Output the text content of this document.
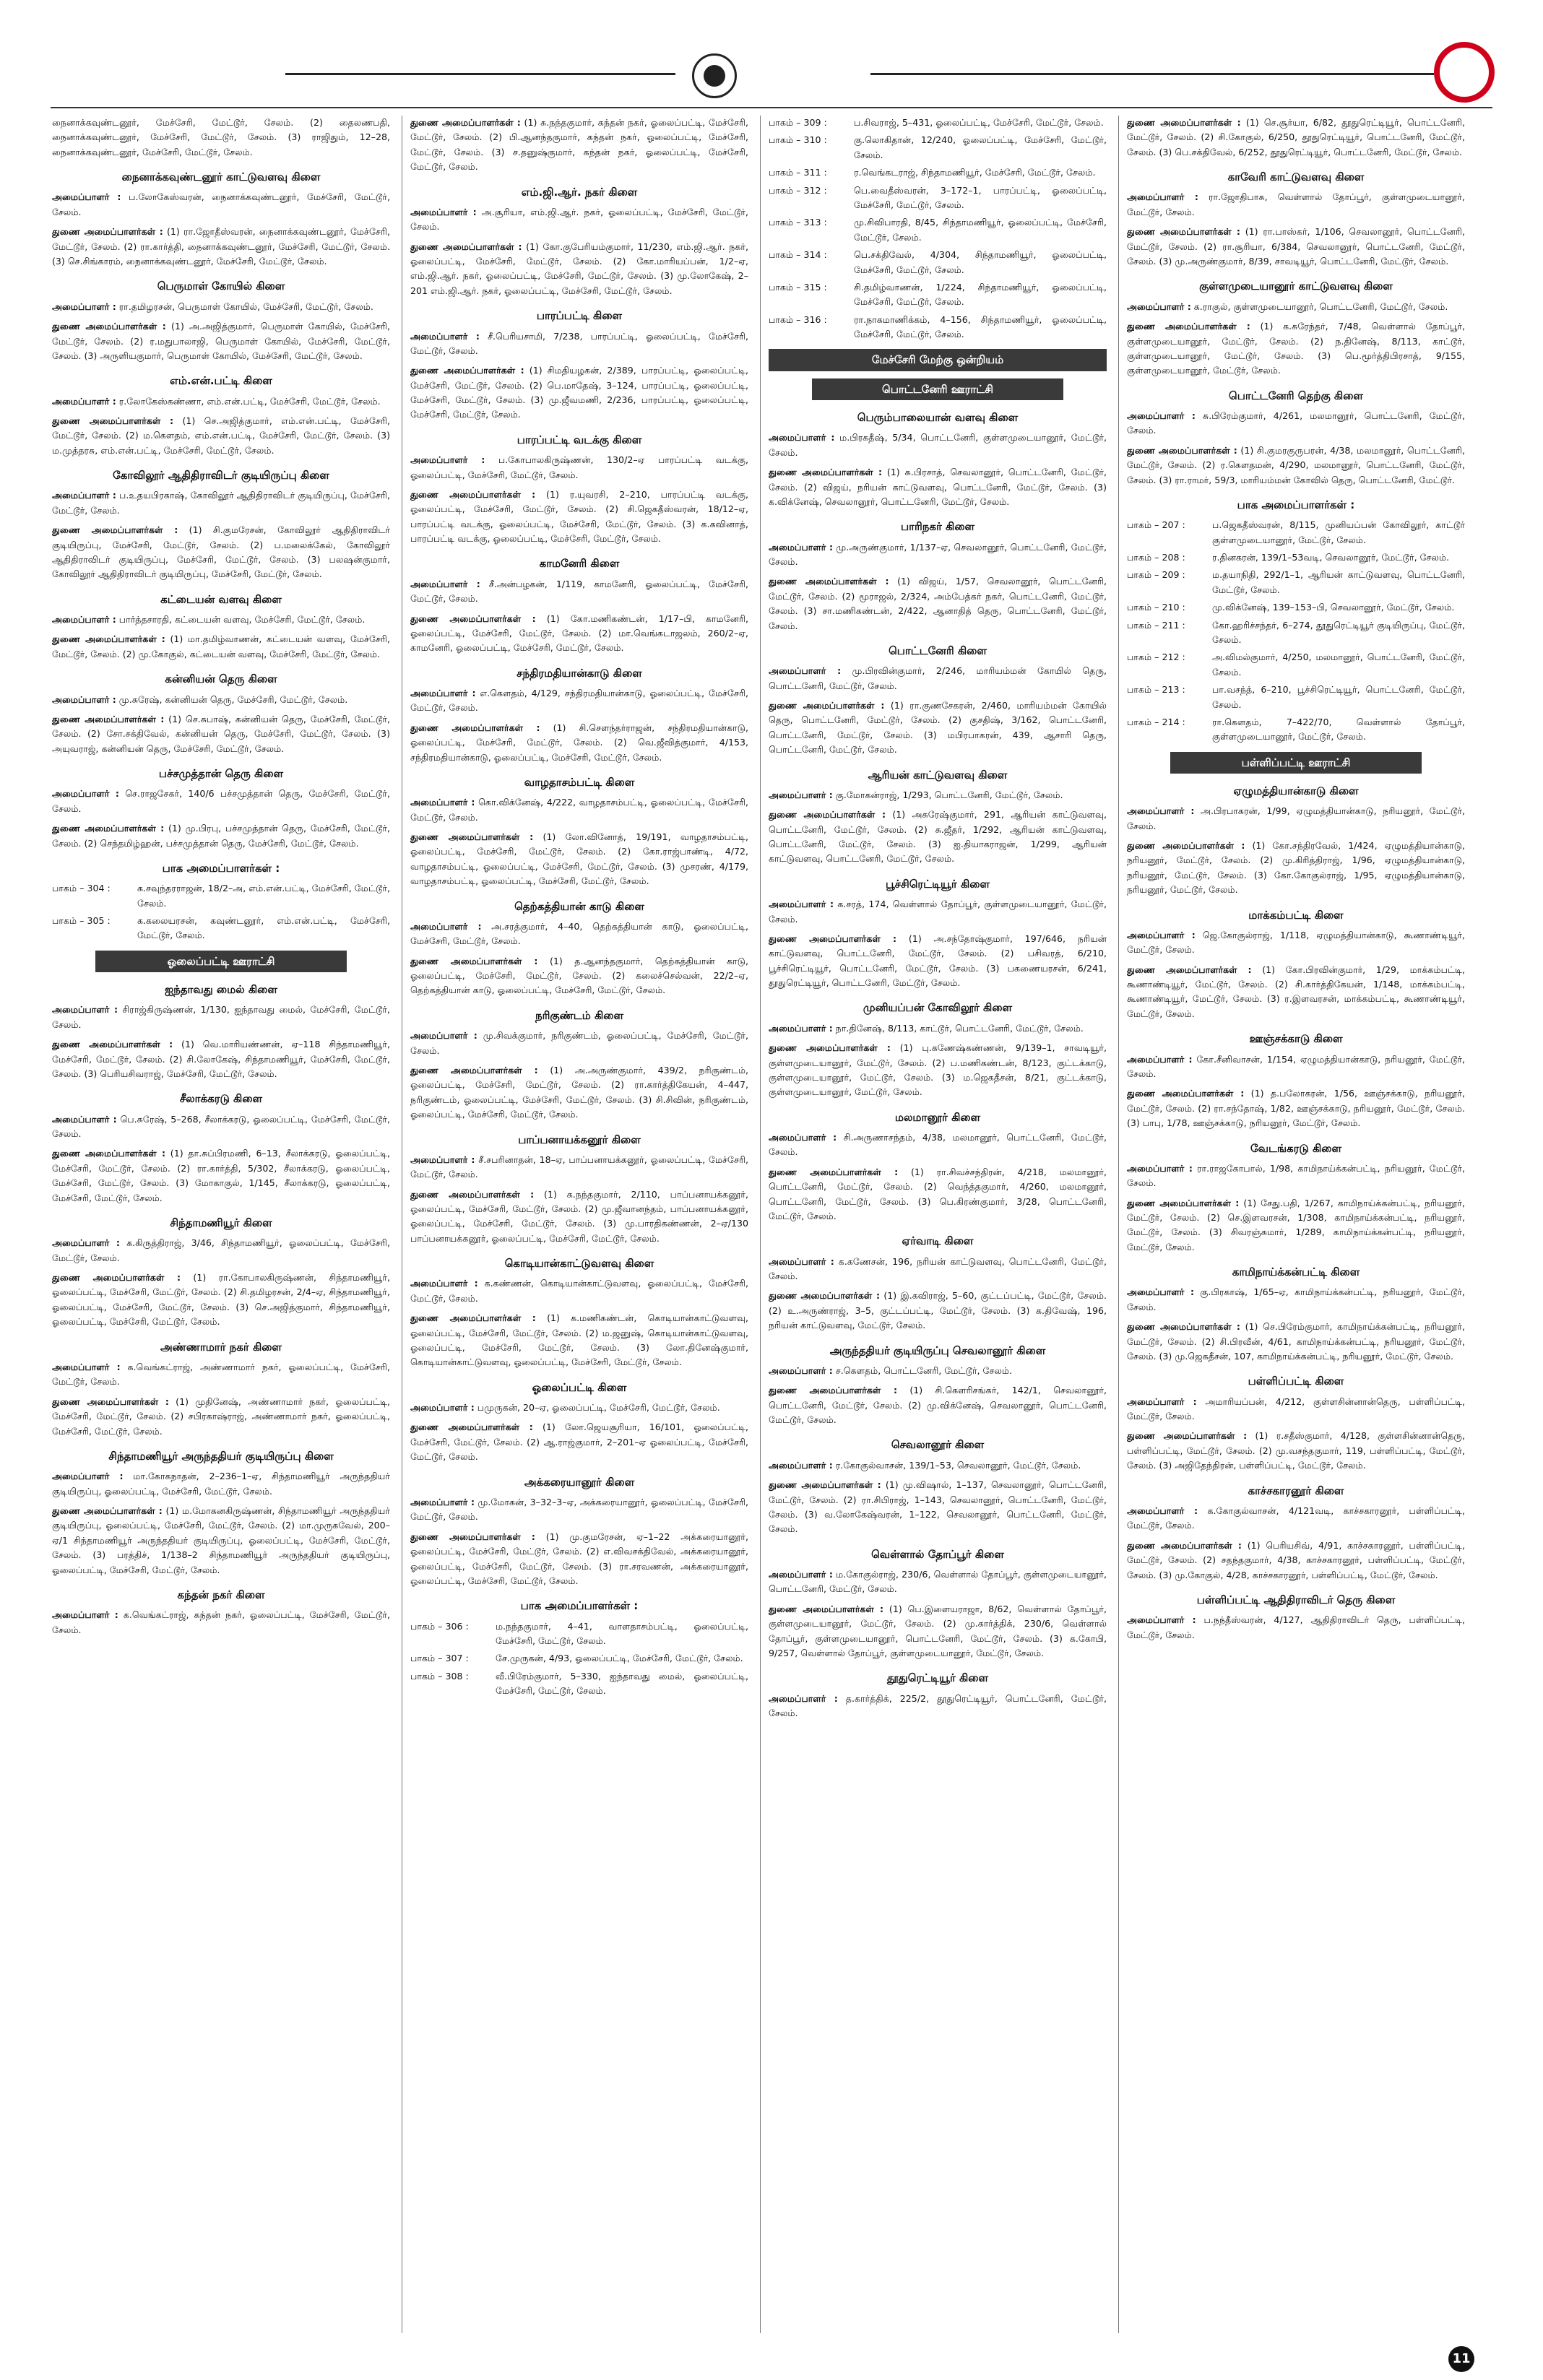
நைனாக்கவுண்டனூர், மேச்சேரி, மேட்டூர், சேலம். (2) தைலணபதி, நைனாக்கவுண்டனூர், மேச்சேரி, மேட்டூர், சேலம். (3) ராஜிதும், 12–28, நைனாக்கவுண்டனூர், மேச்சேரி, மேட்டூர், சேலம்.

நைனாக்கவுண்டனூர் காட்டுவளவு கிளை

அமைப்பாளர் : ப.லோகேஸ்வரன், நைனாக்கவுண்டனூர், மேச்சேரி, மேட்டூர், சேலம்.

துணை அமைப்பாளர்கள் : (1) ரா.ஜோதீஸ்வரன், நைனாக்கவுண்டனூர், மேச்சேரி, மேட்டூர், சேலம். (2) ரா.கார்த்தி, நைனாக்கவுண்டனூர், மேச்சேரி, மேட்டூர், சேலம். (3) செ.சிங்காரம், நைனாக்கவுண்டனூர், மேச்சேரி, மேட்டூர், சேலம்.

பெருமாள் கோயில் கிளை

அமைப்பாளர் : ரா.தமிழரசன், பெருமாள் கோயில், மேச்சேரி, மேட்டூர், சேலம்.

துணை அமைப்பாளர்கள் : (1) அ.அஜித்குமார், பெருமாள் கோயில், மேச்சேரி, மேட்டூர், சேலம். (2) ர.மதுபாலாஜி, பெருமாள் கோயில், மேச்சேரி, மேட்டூர், சேலம். (3) அருளியகுமார், பெருமாள் கோயில், மேச்சேரி, மேட்டூர், சேலம்.

எம்.என்.பட்டி கிளை

அமைப்பாளர் : ர.லோகேஸ்கண்ணா, எம்.என்.பட்டி, மேச்சேரி, மேட்டூர், சேலம்.

துணை அமைப்பாளர்கள் : (1) செ.அஜித்குமார், எம்.என்.பட்டி, மேச்சேரி, மேட்டூர், சேலம். (2) ம.கௌதம், எம்.என்.பட்டி, மேச்சேரி, மேட்டூர், சேலம். (3) ம.முத்தரசு, எம்.என்.பட்டி, மேச்சேரி, மேட்டூர், சேலம்.

கோவிலூர் ஆதிதிராவிடர் குடியிருப்பு கிளை

அமைப்பாளர் : ப.உதயபிரகாஷ், கோவிலூர் ஆதிதிராவிடர் குடியிருப்பு, மேச்சேரி, மேட்டூர், சேலம்.

துணை அமைப்பாளர்கள் : (1) சி.குமரேசன், கோவிலூர் ஆதிதிராவிடர் குடியிருப்பு, மேச்சேரி, மேட்டூர், சேலம். (2) ப.மலைக்கேல், கோவிலூர் ஆதிதிராவிடர் குடியிருப்பு, மேச்சேரி, மேட்டூர், சேலம். (3) பலஷன்குமார், கோவிலூர் ஆதிதிராவிடர் குடியிருப்பு, மேச்சேரி, மேட்டூர், சேலம்.

கட்டையன் வளவு கிளை

அமைப்பாளர் : பார்த்தசாரதி, கட்டையன் வளவு, மேச்சேரி, மேட்டூர், சேலம்.

துணை அமைப்பாளர்கள் : (1) மா.தமிழ்வாணன், கட்டையன் வளவு, மேச்சேரி, மேட்டூர், சேலம். (2) மு.கோகுல், கட்டையன் வளவு, மேச்சேரி, மேட்டூர், சேலம்.

கன்னியன் தெரு கிளை

அமைப்பாளர் : மு.சுரேஷ், கன்னியன் தெரு, மேச்சேரி, மேட்டூர், சேலம்.

துணை அமைப்பாளர்கள் : (1) செ.சுபாஷ், கன்னியன் தெரு, மேச்சேரி, மேட்டூர், சேலம். (2) சோ.சக்திவேல், கன்னியன் தெரு, மேச்சேரி, மேட்டூர், சேலம். (3) அயுவராஜ், கன்னியன் தெரு, மேச்சேரி, மேட்டூர், சேலம்.

பச்சமுத்தான் தெரு கிளை

அமைப்பாளர் : செ.ராஜசேகர், 140/6 பச்சமுத்தான் தெரு, மேச்சேரி, மேட்டூர், சேலம்.

துணை அமைப்பாளர்கள் : (1) மு.பிரபு, பச்சமுத்தான் தெரு, மேச்சேரி, மேட்டூர், சேலம். (2) செந்தமிழ்ஹன், பச்சமுத்தான் தெரு, மேச்சேரி, மேட்டூர், சேலம்.

பாக அமைப்பாளர்கள் :
பாகம் – 304 :	க.சவுந்தரராஜன், 18/2–அ, எம்.என்.பட்டி, மேச்சேரி, மேட்டூர், சேலம்.
பாகம் – 305 :	க.கலையரசன், கவுண்டனூர், எம்.என்.பட்டி, மேச்சேரி, மேட்டூர், சேலம்.
ஓலைப்பட்டி ஊராட்சி
ஐந்தாவது மைல் கிளை

அமைப்பாளர் : சிராஜ்கிருஷ்ணன், 1/130, ஐந்தாவது மைல், மேச்சேரி, மேட்டூர், சேலம்.

துணை அமைப்பாளர்கள் : (1) வெ.மாரியண்ணன், ஏ–118 சிந்தாமணியூர், மேச்சேரி, மேட்டூர், சேலம். (2) சி.லோகேஷ், சிந்தாமணியூர், மேச்சேரி, மேட்டூர், சேலம். (3) பெரியசிவராஜ், மேச்சேரி, மேட்டூர், சேலம்.

சீலாக்கரடு கிளை

அமைப்பாளர் : பெ.சுரேஷ், 5–268, சீலாக்கரடு, ஓலைப்பட்டி, மேச்சேரி, மேட்டூர், சேலம்.

துணை அமைப்பாளர்கள் : (1) தா.சுப்பிரமணி, 6–13, சீலாக்கரடு, ஓலைப்பட்டி, மேச்சேரி, மேட்டூர், சேலம். (2) ரா.கார்த்தி, 5/302, சீலாக்கரடு, ஓலைப்பட்டி, மேச்சேரி, மேட்டூர், சேலம். (3) மோகாகுல், 1/145, சீலாக்கரடு, ஓலைப்பட்டி, மேச்சேரி, மேட்டூர், சேலம்.

சிந்தாமணியூர் கிளை

அமைப்பாளர் : க.கிருத்திராஜ், 3/46, சிந்தாமணியூர், ஓலைப்பட்டி, மேச்சேரி, மேட்டூர், சேலம்.

துணை அமைப்பாளர்கள் : (1) ரா.கோபாலகிருஷ்ணன், சிந்தாமணியூர், ஓலைப்பட்டி, மேச்சேரி, மேட்டூர், சேலம். (2) சி.தமிழரசன், 2/4–ஏ, சிந்தாமணியூர், ஓலைப்பட்டி, மேச்சேரி, மேட்டூர், சேலம். (3) செ.அஜித்குமார், சிந்தாமணியூர், ஓலைப்பட்டி, மேச்சேரி, மேட்டூர், சேலம்.

அண்ணாமார் நகர் கிளை

அமைப்பாளர் : க.வெங்கட்ராஜ், அண்ணாமார் நகர், ஓலைப்பட்டி, மேச்சேரி, மேட்டூர், சேலம்.

துணை அமைப்பாளர்கள் : (1) முதினேஷ், அண்ணாமார் நகர், ஓலைப்பட்டி, மேச்சேரி, மேட்டூர், சேலம். (2) சபிரகாஷ்ராஜ், அண்ணாமார் நகர், ஓலைப்பட்டி, மேச்சேரி, மேட்டூர், சேலம்.

சிந்தாமணியூர் அருந்ததியர் குடியிருப்பு கிளை

அமைப்பாளர் : மா.கோகநாதன், 2–236–1–ஏ, சிந்தாமணியூர் அருந்ததியர் குடியிருப்பு, ஓலைப்பட்டி, மேச்சேரி, மேட்டூர், சேலம்.

துணை அமைப்பாளர்கள் : (1) ம.மோகனகிருஷ்ணன், சிந்தாமணியூர் அருந்ததியர் குடியிருப்பு, ஓலைப்பட்டி, மேச்சேரி, மேட்டூர், சேலம். (2) மா.முருகவேல், 200–ஏ/1 சிந்தாமணியூர் அருந்ததியர் குடியிருப்பு, ஓலைப்பட்டி, மேச்சேரி, மேட்டூர், சேலம். (3) பரத்திச், 1/138–2 சிந்தாமணியூர் அருந்ததியர் குடியிருப்பு, ஓலைப்பட்டி, மேச்சேரி, மேட்டூர், சேலம்.

கந்தன் நகர் கிளை

அமைப்பாளர் : க.வெங்கட்ராஜ், கந்தன் நகர், ஓலைப்பட்டி, மேச்சேரி, மேட்டூர், சேலம்.

துணை அமைப்பாளர்கள் : (1) சு.நந்தகுமார், கந்தன் நகர், ஓலைப்பட்டி, மேச்சேரி, மேட்டூர், சேலம். (2) பி.ஆனந்தகுமார், கந்தன் நகர், ஓலைப்பட்டி, மேச்சேரி, மேட்டூர், சேலம். (3) ச.தனுஷ்குமார், கந்தன் நகர், ஓலைப்பட்டி, மேச்சேரி, மேட்டூர், சேலம்.

எம்.ஜி.ஆர். நகர் கிளை

அமைப்பாளர் : அ.சூரியா, எம்.ஜி.ஆர். நகர், ஓலைப்பட்டி, மேச்சேரி, மேட்டூர், சேலம்.

துணை அமைப்பாளர்கள் : (1) கோ.குபேரியம்குமார், 11/230, எம்.ஜி.ஆர். நகர், ஓலைப்பட்டி, மேச்சேரி, மேட்டூர், சேலம். (2) கோ.மாரியப்பன், 1/2–ஏ, எம்.ஜி.ஆர். நகர், ஓலைப்பட்டி, மேச்சேரி, மேட்டூர், சேலம். (3) மு.லோகேஷ், 2–201 எம்.ஜி.ஆர். நகர், ஓலைப்பட்டி, மேச்சேரி, மேட்டூர், சேலம்.

பாரப்பட்டி கிளை

அமைப்பாளர் : சீ.பெரியசாமி, 7/238, பாரப்பட்டி, ஓலைப்பட்டி, மேச்சேரி, மேட்டூர், சேலம்.

துணை அமைப்பாளர்கள் : (1) சிமதியழகன், 2/389, பாரப்பட்டி, ஓலைப்பட்டி, மேச்சேரி, மேட்டூர், சேலம். (2) பெ.மாதேஷ், 3–124, பாரப்பட்டி, ஓலைப்பட்டி, மேச்சேரி, மேட்டூர், சேலம். (3) மு.ஜீவமணி, 2/236, பாரப்பட்டி, ஓலைப்பட்டி, மேச்சேரி, மேட்டூர், சேலம்.

பாரப்பட்டி வடக்கு கிளை

அமைப்பாளர் : ப.கோபாலகிருஷ்ணன், 130/2–ஏ பாரப்பட்டி வடக்கு, ஓலைப்பட்டி, மேச்சேரி, மேட்டூர், சேலம்.

துணை அமைப்பாளர்கள் : (1) ர.யுவரசி, 2–210, பாரப்பட்டி வடக்கு, ஓலைப்பட்டி, மேச்சேரி, மேட்டூர், சேலம். (2) சி.ஜெகதீஸ்வரன், 18/12–ஏ, பாரப்பட்டி வடக்கு, ஓலைப்பட்டி, மேச்சேரி, மேட்டூர், சேலம். (3) க.கவினாத், பாரப்பட்டி வடக்கு, ஓலைப்பட்டி, மேச்சேரி, மேட்டூர், சேலம்.

காமனேரி கிளை

அமைப்பாளர் : சீ.அன்பழகன், 1/119, காமனேரி, ஓலைப்பட்டி, மேச்சேரி, மேட்டூர், சேலம்.

துணை அமைப்பாளர்கள் : (1) கோ.மணிகண்டன், 1/17–பி, காமனேரி, ஓலைப்பட்டி, மேச்சேரி, மேட்டூர், சேலம். (2) மா.வெங்கடாஜலம், 260/2–ஏ, காமனேரி, ஓலைப்பட்டி, மேச்சேரி, மேட்டூர், சேலம்.

சந்திரமதியான்காடு கிளை

அமைப்பாளர் : எ.கௌதம், 4/129, சந்திரமதியான்காடு, ஓலைப்பட்டி, மேச்சேரி, மேட்டூர், சேலம்.

துணை அமைப்பாளர்கள் : (1) சி.சௌந்தர்ராஜன், சந்திரமதியான்காடு, ஓலைப்பட்டி, மேச்சேரி, மேட்டூர், சேலம். (2) வெ.ஜீவித்குமார், 4/153, சந்திரமதியான்காடு, ஓலைப்பட்டி, மேச்சேரி, மேட்டூர், சேலம்.

வாழதாசம்பட்டி கிளை

அமைப்பாளர் : கொ.விக்னேஷ், 4/222, வாழதாசம்பட்டி, ஓலைப்பட்டி, மேச்சேரி, மேட்டூர், சேலம்.

துணை அமைப்பாளர்கள் : (1) லோ.வினோத், 19/191, வாழதாசம்பட்டி, ஓலைப்பட்டி, மேச்சேரி, மேட்டூர், சேலம். (2) கோ.ராஜ்பாண்டி, 4/72, வாழதாசம்பட்டி, ஓலைப்பட்டி, மேச்சேரி, மேட்டூர், சேலம். (3) முசரண், 4/179, வாழதாசம்பட்டி, ஓலைப்பட்டி, மேச்சேரி, மேட்டூர், சேலம்.

தெற்கத்தியான் காடு கிளை

அமைப்பாளர் : அ.சரத்குமார், 4–40, தெற்கத்தியான் காடு, ஓலைப்பட்டி, மேச்சேரி, மேட்டூர், சேலம்.

துணை அமைப்பாளர்கள் : (1) த.ஆனந்தகுமார், தெற்கத்தியான் காடு, ஓலைப்பட்டி, மேச்சேரி, மேட்டூர், சேலம். (2) கலைச்செல்வன், 22/2–ஏ, தெற்கத்தியான் காடு, ஓலைப்பட்டி, மேச்சேரி, மேட்டூர், சேலம்.

நரிகுண்டம் கிளை

அமைப்பாளர் : மு.சிவக்குமார், நரிகுண்டம், ஓலைப்பட்டி, மேச்சேரி, மேட்டூர், சேலம்.

துணை அமைப்பாளர்கள் : (1) அ.அருண்குமார், 439/2, நரிகுண்டம், ஓலைப்பட்டி, மேச்சேரி, மேட்டூர், சேலம். (2) ரா.கார்த்திகேயன், 4–447, நரிகுண்டம், ஓலைப்பட்டி, மேச்சேரி, மேட்டூர், சேலம். (3) சி.சிவின், நரிகுண்டம், ஓலைப்பட்டி, மேச்சேரி, மேட்டூர், சேலம்.

பாப்பனாயக்கனூர் கிளை

அமைப்பாளர் : சீ.சபரினாதன், 18–ஏ, பாப்பனாயக்கனூர், ஓலைப்பட்டி, மேச்சேரி, மேட்டூர், சேலம்.

துணை அமைப்பாளர்கள் : (1) க.நந்தகுமார், 2/110, பாப்பனாயக்கனூர், ஓலைப்பட்டி, மேச்சேரி, மேட்டூர், சேலம். (2) மு.ஜீவானந்தம், பாப்பனாயக்கனூர், ஓலைப்பட்டி, மேச்சேரி, மேட்டூர், சேலம். (3) மு.பாரதிகண்ணன், 2–ஏ/130 பாப்பனாயக்கனூர், ஓலைப்பட்டி, மேச்சேரி, மேட்டூர், சேலம்.

கொடியான்காட்டுவளவு கிளை

அமைப்பாளர் : க.கண்ணன், கொடியான்காட்டுவளவு, ஓலைப்பட்டி, மேச்சேரி, மேட்டூர், சேலம்.

துணை அமைப்பாளர்கள் : (1) க.மணிகண்டன், கொடியான்காட்டுவளவு, ஓலைப்பட்டி, மேச்சேரி, மேட்டூர், சேலம். (2) ம.ஜனுஷ், கொடியான்காட்டுவளவு, ஓலைப்பட்டி, மேச்சேரி, மேட்டூர், சேலம். (3) லோ.தினேஷ்குமார், கொடியான்காட்டுவளவு, ஓலைப்பட்டி, மேச்சேரி, மேட்டூர், சேலம்.

ஓலைப்பட்டி கிளை

அமைப்பாளர் : பமுருகன், 20–ஏ, ஓலைப்பட்டி, மேச்சேரி, மேட்டூர், சேலம்.

துணை அமைப்பாளர்கள் : (1) லோ.ஜெயசூரியா, 16/101, ஓலைப்பட்டி, மேச்சேரி, மேட்டூர், சேலம். (2) ஆ.ராஜ்குமார், 2–201–ஏ ஓலைப்பட்டி, மேச்சேரி, மேட்டூர், சேலம்.

அக்கரையானூர் கிளை

அமைப்பாளர் : மு.மோகன், 3–32–3–ஏ, அக்கரையானூர், ஓலைப்பட்டி, மேச்சேரி, மேட்டூர், சேலம்.

துணை அமைப்பாளர்கள் : (1) மு.குமரேசன், ஏ–1–22 அக்கரையானூர், ஓலைப்பட்டி, மேச்சேரி, மேட்டூர், சேலம். (2) எ.விவசக்திவேல், அக்கரையானூர், ஓலைப்பட்டி, மேச்சேரி, மேட்டூர், சேலம். (3) ரா.சரவணன், அக்கரையானூர், ஓலைப்பட்டி, மேச்சேரி, மேட்டூர், சேலம்.

பாக அமைப்பாளர்கள் :
பாகம் – 306 :	ம.நந்தகுமார், 4–41, வாளதாசம்பட்டி, ஓலைப்பட்டி, மேச்சேரி, மேட்டூர், சேலம்.
பாகம் – 307 :	சே.முருகன், 4/93, ஓலைப்பட்டி, மேச்சேரி, மேட்டூர், சேலம்.
பாகம் – 308 :	வீ.பிரேம்குமார், 5–330, ஐந்தாவது மைல், ஓலைப்பட்டி, மேச்சேரி, மேட்டூர், சேலம்.
பாகம் – 309 :	ப.சிவராஜ், 5–431, ஓலைப்பட்டி, மேச்சேரி, மேட்டூர், சேலம்.
பாகம் – 310 :	கு.லொகிதான், 12/240, ஓலைப்பட்டி, மேச்சேரி, மேட்டூர், சேலம்.
பாகம் – 311 :	ர.வெங்கடராஜ், சிந்தாமணியூர், மேச்சேரி, மேட்டூர், சேலம்.
பாகம் – 312 :	பெ.வைதீஸ்வரன், 3–172–1, பாரப்பட்டி, ஓலைப்பட்டி, மேச்சேரி, மேட்டூர், சேலம்.
பாகம் – 313 :	மு.சிவிபாரதி, 8/45, சிந்தாமணியூர், ஓலைப்பட்டி, மேச்சேரி, மேட்டூர், சேலம்.
பாகம் – 314 :	பெ.சக்திவேல், 4/304, சிந்தாமணியூர், ஓலைப்பட்டி, மேச்சேரி, மேட்டூர், சேலம்.
பாகம் – 315 :	சி.தமிழ்வாணன், 1/224, சிந்தாமணியூர், ஓலைப்பட்டி, மேச்சேரி, மேட்டூர், சேலம்.
பாகம் – 316 :	ரா.நாகமாணிக்கம், 4–156, சிந்தாமணியூர், ஓலைப்பட்டி, மேச்சேரி, மேட்டூர், சேலம்.
மேச்சேரி மேற்கு ஒன்றியம்
பொட்டனேரி ஊராட்சி
பெரும்பாலையான் வளவு கிளை

அமைப்பாளர் : ம.பிரகதீஷ், 5/34, பொட்டனேரி, குள்ளமுடையானூர், மேட்டூர், சேலம்.

துணை அமைப்பாளர்கள் : (1) சு.பிரசாத், செவலானூர், பொட்டனேரி, மேட்டூர், சேலம். (2) விஜய், நரியன் காட்டுவளவு, பொட்டனேரி, மேட்டூர், சேலம். (3) க.விக்னேஷ், செவலானூர், பொட்டனேரி, மேட்டூர், சேலம்.

பாரிநகர் கிளை

அமைப்பாளர் : மு.அருண்குமார், 1/137–ஏ, செவலானூர், பொட்டனேரி, மேட்டூர், சேலம்.

துணை அமைப்பாளர்கள் : (1) விஜய், 1/57, செவலானூர், பொட்டனேரி, மேட்டூர், சேலம். (2) மூராஜல், 2/324, அம்பேத்கர் நகர், பொட்டனேரி, மேட்டூர், சேலம். (3) சா.மணிகண்டன், 2/422, ஆனாதித் தெரு, பொட்டனேரி, மேட்டூர், சேலம்.

பொட்டனேரி கிளை

அமைப்பாளர் : மு.பிரவின்குமார், 2/246, மாரியம்மன் கோயில் தெரு, பொட்டனேரி, மேட்டூர், சேலம்.

துணை அமைப்பாளர்கள் : (1) ரா.குணசேகரன், 2/460, மாரியம்மன் கோயில் தெரு, பொட்டனேரி, மேட்டூர், சேலம். (2) குசதிஷ், 3/162, பொட்டனேரி, பொட்டனேரி, மேட்டூர், சேலம். (3) மபிரபாகரன், 439, ஆசாரி தெரு, பொட்டனேரி, மேட்டூர், சேலம்.

ஆரியன் காட்டுவளவு கிளை

அமைப்பாளர் : கு.மோகன்ராஜ், 1/293, பொட்டனேரி, மேட்டூர், சேலம்.

துணை அமைப்பாளர்கள் : (1) அசுரேஷ்குமார், 291, ஆரியன் காட்டுவளவு, பொட்டனேரி, மேட்டூர், சேலம். (2) சு.ஜீதர், 1/292, ஆரியன் காட்டுவளவு, பொட்டனேரி, மேட்டூர், சேலம். (3) ஐ.தியாகராஜன், 1/299, ஆரியன் காட்டுவளவு, பொட்டனேரி, மேட்டூர், சேலம்.

பூச்சிரெட்டியூர் கிளை

அமைப்பாளர் : க.சரத், 174, வெள்ளால் தோப்பூர், குள்ளமுடையானூர், மேட்டூர், சேலம்.

துணை அமைப்பாளர்கள் : (1) அ.சந்தோஷ்குமார், 197/646, நரியன் காட்டுவளவு, பொட்டனேரி, மேட்டூர், சேலம். (2) பசிவரத், 6/210, பூச்சிரெட்டியூர், பொட்டனேரி, மேட்டூர், சேலம். (3) பகணையரசன், 6/241, தூதுரெட்டியூர், பொட்டனேரி, மேட்டூர், சேலம்.

முனியப்பன் கோவிலூர் கிளை

அமைப்பாளர் : நா.தினேஷ், 8/113, காட்டூர், பொட்டனேரி, மேட்டூர், சேலம்.

துணை அமைப்பாளர்கள் : (1) பு.கணேஷ்கண்ணன், 9/139–1, சாவடியூர், குள்ளமுடையானூர், மேட்டூர், சேலம். (2) ப.மணிகண்டன், 8/123, குட்டக்காடு, குள்ளமுடையானூர், மேட்டூர், சேலம். (3) ம.ஜெகதீசன், 8/21, குட்டக்காடு, குள்ளமுடையானூர், மேட்டூர், சேலம்.

மலமானூர் கிளை

அமைப்பாளர் : சி.அருணாசந்தம், 4/38, மலமானூர், பொட்டனேரி, மேட்டூர், சேலம்.

துணை அமைப்பாளர்கள் : (1) ரா.சிவச்சந்திரன், 4/218, மலமானூர், பொட்டனேரி, மேட்டூர், சேலம். (2) வெந்த்தகுமார், 4/260, மலமானூர், பொட்டனேரி, மேட்டூர், சேலம். (3) பெ.கிரண்குமார், 3/28, பொட்டனேரி, மேட்டூர், சேலம்.

ஏர்வாடி கிளை

அமைப்பாளர் : க.கணேசன், 196, நரியன் காட்டுவளவு, பொட்டனேரி, மேட்டூர், சேலம்.

துணை அமைப்பாளர்கள் : (1) இ.கவிராஜ், 5–60, குட்டப்பட்டி, மேட்டூர், சேலம். (2) உ.அருண்ராஜ், 3–5, குட்டப்பட்டி, மேட்டூர், சேலம். (3) க.திவேஷ், 196, நரியன் காட்டுவளவு, மேட்டூர், சேலம்.

அருந்ததியர் குடியிருப்பு செவலானூர் கிளை

அமைப்பாளர் : ச.கௌதம், பொட்டனேரி, மேட்டூர், சேலம்.

துணை அமைப்பாளர்கள் : (1) சி.கௌரிசங்கர், 142/1, செவலானூர், பொட்டனேரி, மேட்டூர், சேலம். (2) மு.விக்னேஷ், செவலானூர், பொட்டனேரி, மேட்டூர், சேலம்.

செவலானூர் கிளை

அமைப்பாளர் : ர.கோகுல்வாசன், 139/1–53, செவலானூர், மேட்டூர், சேலம்.

துணை அமைப்பாளர்கள் : (1) மு.விஷால், 1–137, செவலானூர், பொட்டனேரி, மேட்டூர், சேலம். (2) ரா.சிபிராஜ், 1–143, செவலானூர், பொட்டனேரி, மேட்டூர், சேலம். (3) வ.லோகேஷ்வரன், 1–122, செவலானூர், பொட்டனேரி, மேட்டூர், சேலம்.

வெள்ளால் தோப்பூர் கிளை

அமைப்பாளர் : ம.கோகுல்ராஜ், 230/6, வெள்ளால் தோப்பூர், குள்ளமுடையானூர், பொட்டனேரி, மேட்டூர், சேலம்.

துணை அமைப்பாளர்கள் : (1) பெ.இளையராஜா, 8/62, வெள்ளால் தோப்பூர், குள்ளமுடையானூர், மேட்டூர், சேலம். (2) மு.கார்த்திக், 230/6, வெள்ளால் தோப்பூர், குள்ளமுடையானூர், பொட்டனேரி, மேட்டூர், சேலம். (3) க.கோபி, 9/257, வெள்ளால் தோப்பூர், குள்ளமுடையானூர், மேட்டூர், சேலம்.

தூதுரெட்டியூர் கிளை

அமைப்பாளர் : த.கார்த்திக், 225/2, தூதுரெட்டியூர், பொட்டனேரி, மேட்டூர், சேலம்.

துணை அமைப்பாளர்கள் : (1) செ.சூர்யா, 6/82, தூதுரெட்டியூர், பொட்டனேரி, மேட்டூர், சேலம். (2) சி.கோகுல், 6/250, தூதுரெட்டியூர், பொட்டனேரி, மேட்டூர், சேலம். (3) பெ.சக்திவேல், 6/252, தூதுரெட்டியூர், பொட்டனேரி, மேட்டூர், சேலம்.

காவேரி காட்டுவளவு கிளை

அமைப்பாளர் : ரா.ஜோதிபாசு, வெள்ளால் தோப்பூர், குள்ளமுடையானூர், மேட்டூர், சேலம்.

துணை அமைப்பாளர்கள் : (1) ரா.பாஸ்கர், 1/106, செவலானூர், பொட்டனேரி, மேட்டூர், சேலம். (2) ரா.சூரியா, 6/384, செவலானூர், பொட்டனேரி, மேட்டூர், சேலம். (3) மு.அருண்குமார், 8/39, சாவடியூர், பொட்டனேரி, மேட்டூர், சேலம்.

குள்ளமுடையானூர் காட்டுவளவு கிளை

அமைப்பாளர் : க.ராகுல், குள்ளமுடையானூர், பொட்டனேரி, மேட்டூர், சேலம்.

துணை அமைப்பாளர்கள் : (1) க.சுரேந்தர், 7/48, வெள்ளால் தோப்பூர், குள்ளமுடையானூர், மேட்டூர், சேலம். (2) ந.தினேஷ், 8/113, காட்டூர், குள்ளமுடையானூர், மேட்டூர், சேலம். (3) பெ.மூர்த்திபிரசாத், 9/155, குள்ளமுடையானூர், மேட்டூர், சேலம்.

பொட்டனேரி தெற்கு கிளை

அமைப்பாளர் : சு.பிரேம்குமார், 4/261, மலமானூர், பொட்டனேரி, மேட்டூர், சேலம்.

துணை அமைப்பாளர்கள் : (1) சி.குமரகுருபரன், 4/38, மலமானூர், பொட்டனேரி, மேட்டூர், சேலம். (2) ர.கௌதமன், 4/290, மலமானூர், பொட்டனேரி, மேட்டூர், சேலம். (3) ரா.ராமர், 59/3, மாரியம்மன் கோவில் தெரு, பொட்டனேரி, மேட்டூர்.

பாக அமைப்பாளர்கள் :
பாகம் – 207 :	ப.ஜெகதீஸ்வரன், 8/115, முனியப்பன் கோவிலூர், காட்டூர் குள்ளமுடையானூர், மேட்டூர், சேலம்.
பாகம் – 208 :	ர.தினகரன், 139/1–53வடி, செவலானூர், மேட்டூர், சேலம்.
பாகம் – 209 :	ம.தயாநிதி, 292/1–1, ஆரியன் காட்டுவளவு, பொட்டனேரி, மேட்டூர், சேலம்.
பாகம் – 210 :	மு.விக்னேஷ், 139–153–பி, செவலானூர், மேட்டூர், சேலம்.
பாகம் – 211 :	கோ.ஹரிச்சந்தர், 6–274, தூதுரெட்டியூர் குடியிருப்பு, மேட்டூர், சேலம்.
பாகம் – 212 :	அ.விமல்குமார், 4/250, மலமானூர், பொட்டனேரி, மேட்டூர், சேலம்.
பாகம் – 213 :	பா.வசந்த், 6–210, பூச்சிரெட்டியூர், பொட்டனேரி, மேட்டூர், சேலம்.
பாகம் – 214 :	ரா.கௌதம், 7–422/70, வெள்ளால் தோப்பூர், குள்ளமுடையானூர், மேட்டூர், சேலம்.
பள்ளிப்பட்டி ஊராட்சி
ஏழுமத்தியான்காடு கிளை

அமைப்பாளர் : அ.பிரபாகரன், 1/99, ஏழுமத்தியான்காடு, நரியனூர், மேட்டூர், சேலம்.

துணை அமைப்பாளர்கள் : (1) கோ.சந்திரவேல், 1/424, ஏழுமத்தியான்காடு, நரியனூர், மேட்டூர், சேலம். (2) மு.கிரித்திராஜ், 1/96, ஏழுமத்தியான்காடு, நரியனூர், மேட்டூர், சேலம். (3) கோ.கோகுல்ராஜ், 1/95, ஏழுமத்தியான்காடு, நரியனூர், மேட்டூர், சேலம்.

மாக்கம்பட்டி கிளை

அமைப்பாளர் : ஜெ.கோகுல்ராஜ், 1/118, ஏழுமத்தியான்காடு, கூணாண்டியூர், மேட்டூர், சேலம்.

துணை அமைப்பாளர்கள் : (1) கோ.பிரவின்குமார், 1/29, மாக்கம்பட்டி, கூணாண்டியூர், மேட்டூர், சேலம். (2) சி.கார்த்திகேயன், 1/148, மாக்கம்பட்டி, கூணாண்டியூர், மேட்டூர், சேலம். (3) ர.இளவரசன், மாக்கம்பட்டி, கூணாண்டியூர், மேட்டூர், சேலம்.

ஊஞ்சக்காடு கிளை

அமைப்பாளர் : கோ.சீனிவாசன், 1/154, ஏழுமத்தியான்காடு, நரியனூர், மேட்டூர், சேலம்.

துணை அமைப்பாளர்கள் : (1) த.பலோகரன், 1/56, ஊஞ்சக்காடு, நரியனூர், மேட்டூர், சேலம். (2) ரா.சந்தோஷ், 1/82, ஊஞ்சக்காடு, நரியனூர், மேட்டூர், சேலம். (3) பாபு, 1/78, ஊஞ்சக்காடு, நரியனூர், மேட்டூர், சேலம்.

வேடங்கரடு கிளை

அமைப்பாளர் : ரா.ராஜகோபால், 1/98, காமிநாய்க்கன்பட்டி, நரியனூர், மேட்டூர், சேலம்.

துணை அமைப்பாளர்கள் : (1) சேது.பதி, 1/267, காமிநாய்க்கன்பட்டி, நரியனூர், மேட்டூர், சேலம். (2) செ.இளவரசன், 1/308, காமிநாய்க்கன்பட்டி, நரியனூர், மேட்டூர், சேலம். (3) சிவரஞ்சுமார், 1/289, காமிநாய்க்கன்பட்டி, நரியனூர், மேட்டூர், சேலம்.

காமிநாய்க்கன்பட்டி கிளை

அமைப்பாளர் : கு.பிரகாஷ், 1/65–ஏ, காமிநாய்க்கன்பட்டி, நரியனூர், மேட்டூர், சேலம்.

துணை அமைப்பாளர்கள் : (1) செ.பிரேம்குமார், காமிநாய்க்கன்பட்டி, நரியனூர், மேட்டூர், சேலம். (2) சி.பிரவீன், 4/61, காமிநாய்க்கன்பட்டி, நரியனூர், மேட்டூர், சேலம். (3) மு.ஜெகதீசன், 107, காமிநாய்க்கன்பட்டி, நரியனூர், மேட்டூர், சேலம்.

பள்ளிப்பட்டி கிளை

அமைப்பாளர் : அமாரியப்பன், 4/212, குள்ளசின்னான்தெரு, பள்ளிப்பட்டி, மேட்டூர், சேலம்.

துணை அமைப்பாளர்கள் : (1) ர.சதீஸ்குமார், 4/128, குள்ளசின்னான்தெரு, பள்ளிப்பட்டி, மேட்டூர், சேலம். (2) மு.வசந்தகுமார், 119, பள்ளிப்பட்டி, மேட்டூர், சேலம். (3) அஜிதேந்திரன், பள்ளிப்பட்டி, மேட்டூர், சேலம்.

காச்சகாரனூர் கிளை

அமைப்பாளர் : க.கோகுல்வாசன், 4/121வடி, காச்சகாரனூர், பள்ளிப்பட்டி, மேட்டூர், சேலம்.

துணை அமைப்பாளர்கள் : (1) பெரியசிவ், 4/91, காச்சகாரனூர், பள்ளிப்பட்டி, மேட்டூர், சேலம். (2) சதந்தகுமார், 4/38, காச்சகாரனூர், பள்ளிப்பட்டி, மேட்டூர், சேலம். (3) மு.கோகுல், 4/28, காச்சகாரனூர், பள்ளிப்பட்டி, மேட்டூர், சேலம்.

பள்ளிப்பட்டி ஆதிதிராவிடர் தெரு கிளை

அமைப்பாளர் : ப.நந்தீஸ்வரன், 4/127, ஆதிதிராவிடர் தெரு, பள்ளிப்பட்டி, மேட்டூர், சேலம்.

11
